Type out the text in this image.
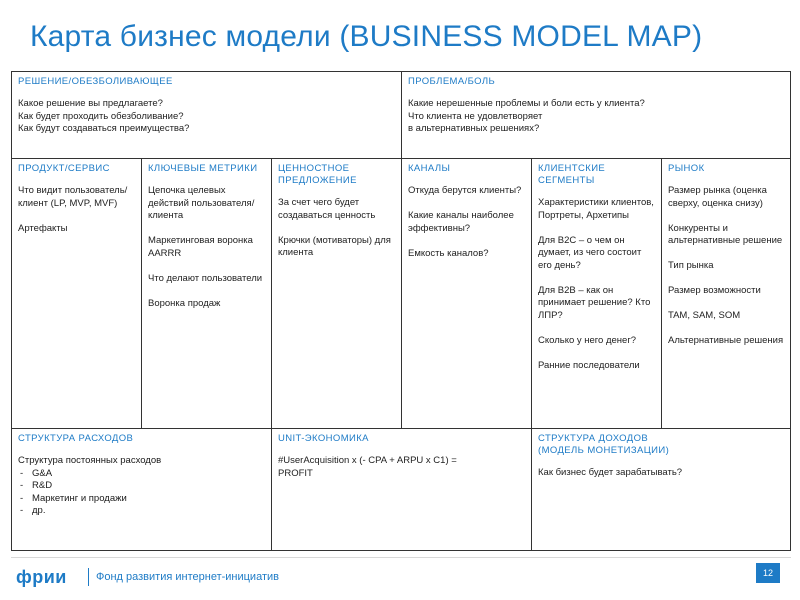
Карта бизнес модели (BUSINESS MODEL MAP)
РЕШЕНИЕ/ОБЕЗБОЛИВАЮЩЕЕ
Какое решение вы предлагаете?
Как будет проходить обезболивание?
Как будут создаваться преимущества?
ПРОБЛЕМА/БОЛЬ
Какие нерешенные проблемы и боли есть у клиента?
Что клиента не удовлетворяет
в альтернативных решениях?
ПРОДУКТ/СЕРВИС

Что видит пользователь/клиент (LP, MVP, MVF)

Артефакты

КЛЮЧЕВЫЕ МЕТРИКИ

Цепочка целевых действий пользователя/клиента

Маркетинговая воронка AARRR

Что делают пользователи

Воронка продаж

ЦЕННОСТНОЕ ПРЕДЛОЖЕНИЕ

За счет чего будет создаваться ценность

Крючки (мотиваторы) для клиента

КАНАЛЫ

Откуда берутся клиенты?

Какие каналы наиболее эффективны?

Емкость каналов?

КЛИЕНТСКИЕ СЕГМЕНТЫ

Характеристики клиентов, Портреты, Архетипы

Для B2C – о чем он думает, из чего состоит его день?

Для B2B – как он принимает решение? Кто ЛПР?

Сколько у него денег?

Ранние последователи

РЫНОК

Размер рынка (оценка сверху, оценка снизу)

Конкуренты и альтернативные решение

Тип рынка

Размер возможности

TAM, SAM, SOM

Альтернативные решения

СТРУКТУРА РАСХОДОВ
Структура постоянных расходов
- G&A
- R&D
- Маркетинг и продажи
- др.
UNIT-ЭКОНОМИКА
#UserAcquisition x (- CPA + ARPU x C1) =
PROFIT
СТРУКТУРА ДОХОДОВ
(МОДЕЛЬ МОНЕТИЗАЦИИ)
Как бизнес будет зарабатывать?
фрии	Фонд развития интернет-инициатив	12
